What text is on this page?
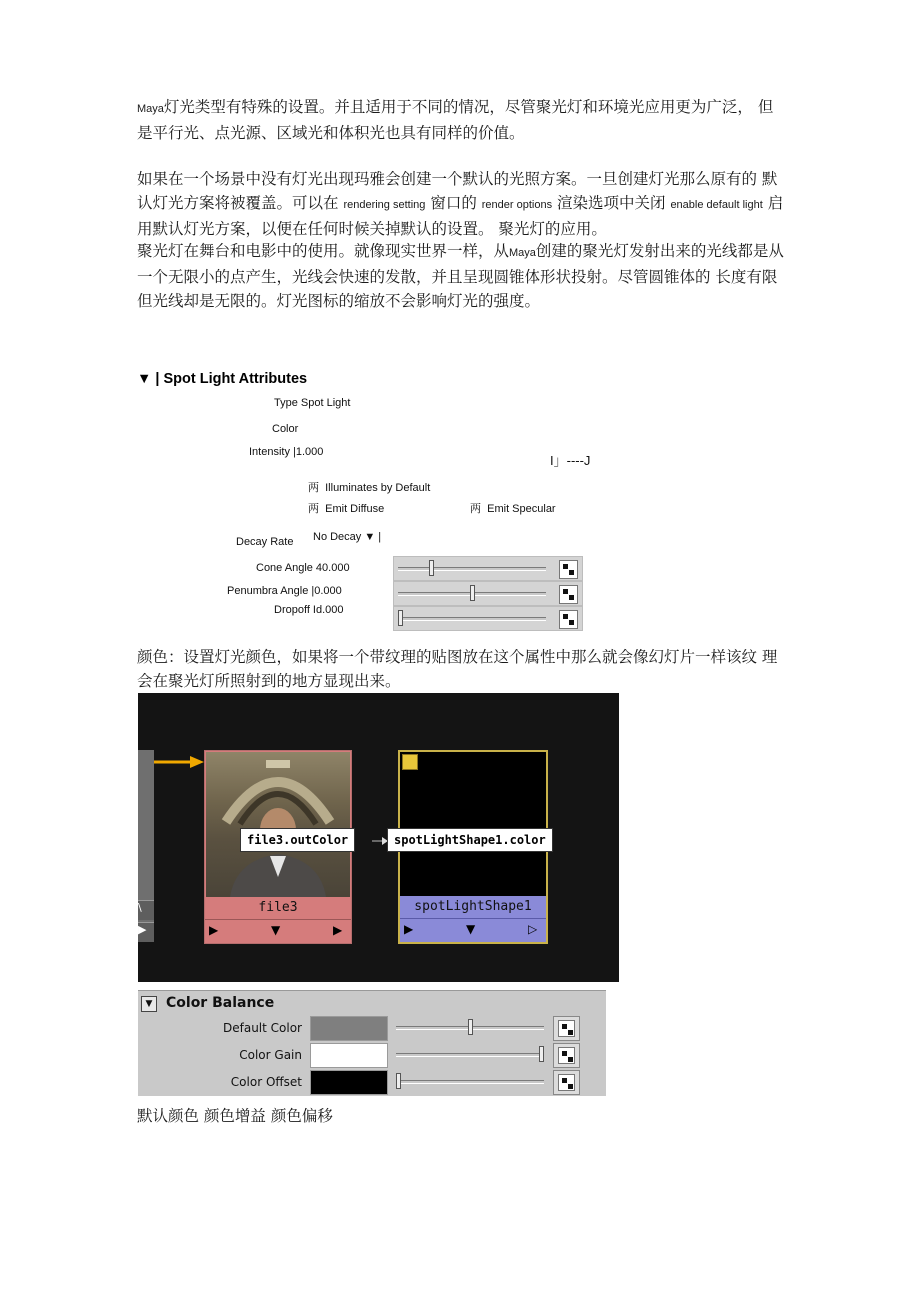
Maya灯光类型有特殊的设置。并且适用于不同的情况，尽管聚光灯和环境光应用更为广泛， 但是平行光、点光源、区域光和体积光也具有同样的价值。
如果在一个场景中没有灯光出现玛雅会创建一个默认的光照方案。一旦创建灯光那么原有的 默认灯光方案将被覆盖。可以在 rendering setting 窗口的 render options 渲染选项中关闭 enable default light 启用默认灯光方案，以便在任何时候关掉默认的设置。 聚光灯的应用。
聚光灯在舞台和电影中的使用。就像现实世界一样，从Maya创建的聚光灯发射出来的光线都是从一个无限小的点产生，光线会快速的发散，并且呈现圆锥体形状投射。尽管圆锥体的 长度有限但光线却是无限的。灯光图标的缩放不会影响灯光的强度。
▼ | Spot Light Attributes
Type Spot Light
Color
Intensity |1.000
I」----J
两 Illuminates by Default
两 Emit Diffuse	两 Emit Specular
Decay Rate No Decay ▼ |
Cone Angle 40.000
Penumbra Angle |0.000
Dropoff Id.000
颜色：设置灯光颜色，如果将一个带纹理的贴图放在这个属性中那么就会像幻灯片一样该纹 理会在聚光灯所照射到的地方显现出来。
\
▶
file3
▶	▼	▶
spotLightShape1
▶	▼	▷
file3.outColor	spotLightShape1.color
▼ Color Balance
Default Color
Color Gain
Color Offset
默认颜色 颜色增益 颜色偏移
